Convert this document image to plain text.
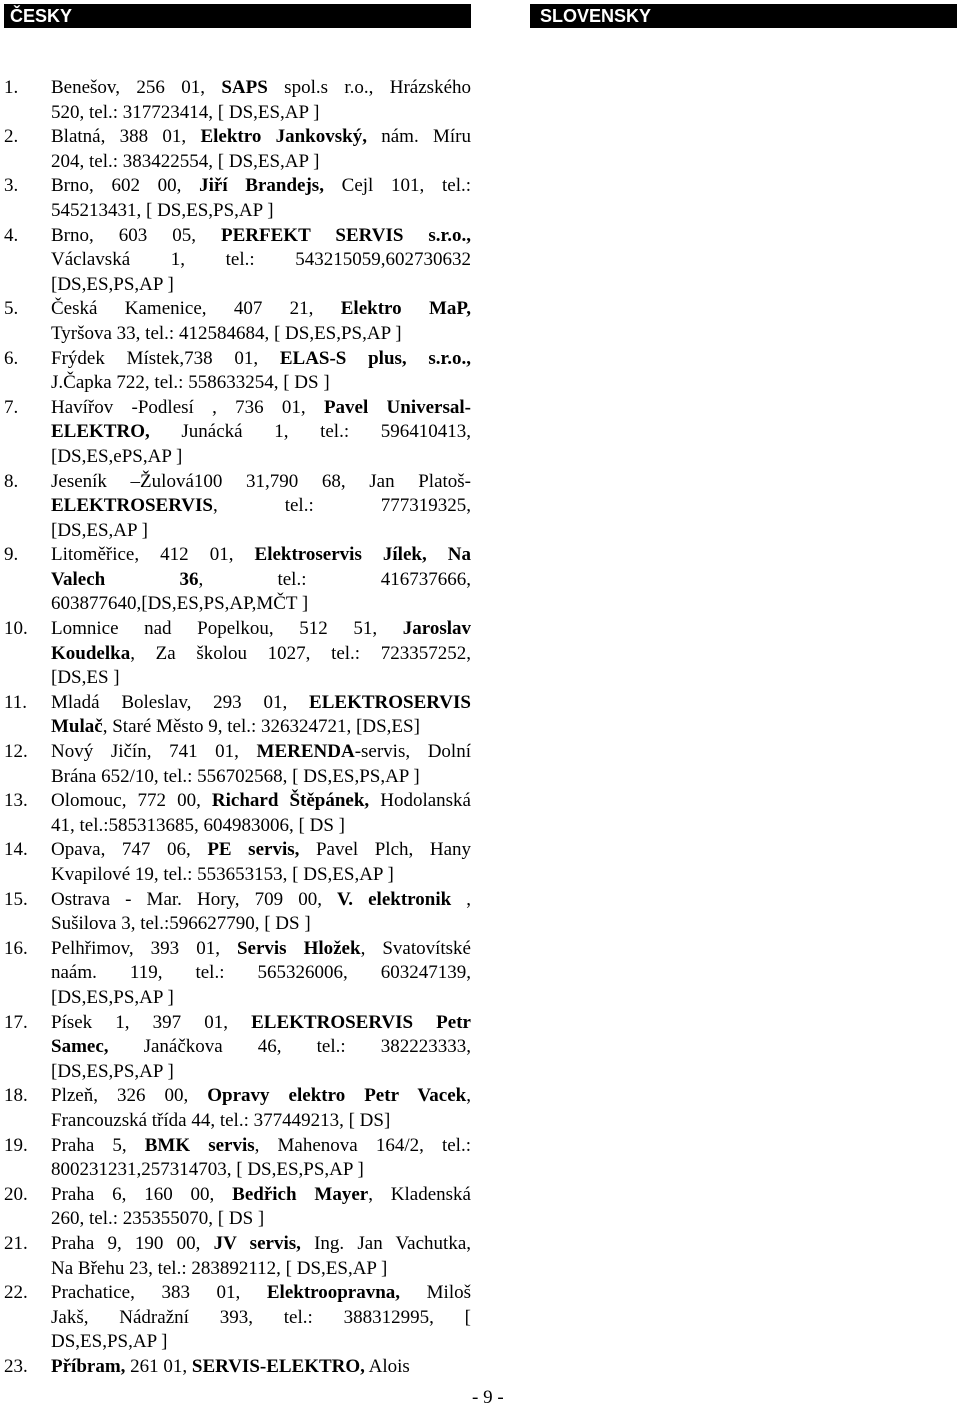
ČESKY	SLOVENSKY
1. Benešov, 256 01, SAPS spol.s r.o., Hrázského
520, tel.: 317723414, [ DS,ES,AP ]
2. Blatná, 388 01, Elektro Jankovský, nám. Míru
204, tel.: 383422554, [ DS,ES,AP ]
3. Brno, 602 00, Jiří Brandejs, Cejl 101, tel.:
545213431, [ DS,ES,PS,AP ]
4. Brno, 603 05, PERFEKT SERVIS s.r.o.,
Václavská 1, tel.: 543215059,602730632
[DS,ES,PS,AP ]
5. Česká Kamenice, 407 21, Elektro MaP,
Tyršova 33, tel.: 412584684, [ DS,ES,PS,AP ]
6. Frýdek Místek,738 01, ELAS-S plus, s.r.o.,
J.Čapka 722, tel.: 558633254, [ DS ]
7. Havířov -Podlesí , 736 01, Pavel Universal-
ELEKTRO, Junácká 1, tel.: 596410413,
[DS,ES,ePS,AP ]
8. Jeseník –Žulová100 31,790 68, Jan Platoš-
ELEKTROSERVIS, tel.: 777319325,
[DS,ES,AP ]
9. Litoměřice, 412 01, Elektroservis Jílek, Na
Valech 36, tel.: 416737666,
603877640,[DS,ES,PS,AP,MČT ]
10. Lomnice nad Popelkou, 512 51, Jaroslav
Koudelka, Za školou 1027, tel.: 723357252,
[DS,ES ]
11. Mladá Boleslav, 293 01, ELEKTROSERVIS
Mulač, Staré Město 9, tel.: 326324721, [DS,ES]
12. Nový Jičín, 741 01, MERENDA-servis, Dolní
Brána 652/10, tel.: 556702568, [ DS,ES,PS,AP ]
13. Olomouc, 772 00, Richard Štěpánek, Hodolanská
41, tel.:585313685, 604983006, [ DS ]
14. Opava, 747 06, PE servis, Pavel Plch, Hany
Kvapilové 19, tel.: 553653153, [ DS,ES,AP ]
15. Ostrava - Mar. Hory, 709 00, V. elektronik ,
Sušilova 3, tel.:596627790, [ DS ]
16. Pelhřimov, 393 01, Servis Hložek, Svatovítské
naám. 119, tel.: 565326006, 603247139,
[DS,ES,PS,AP ]
17. Písek 1, 397 01, ELEKTROSERVIS Petr
Samec, Janáčkova 46, tel.: 382223333,
[DS,ES,PS,AP ]
18. Plzeň, 326 00, Opravy elektro Petr Vacek,
Francouzská třída 44, tel.: 377449213, [ DS]
19. Praha 5, BMK servis, Mahenova 164/2, tel.:
800231231,257314703, [ DS,ES,PS,AP ]
20. Praha 6, 160 00, Bedřich Mayer, Kladenská
260, tel.: 235355070, [ DS ]
21. Praha 9, 190 00, JV servis, Ing. Jan Vachutka,
Na Břehu 23, tel.: 283892112, [ DS,ES,AP ]
22. Prachatice, 383 01, Elektroopravna, Miloš
Jakš, Nádražní 393, tel.: 388312995, [
DS,ES,PS,AP ]
23. Příbram, 261 01, SERVIS-ELEKTRO, Alois
- 9 -
